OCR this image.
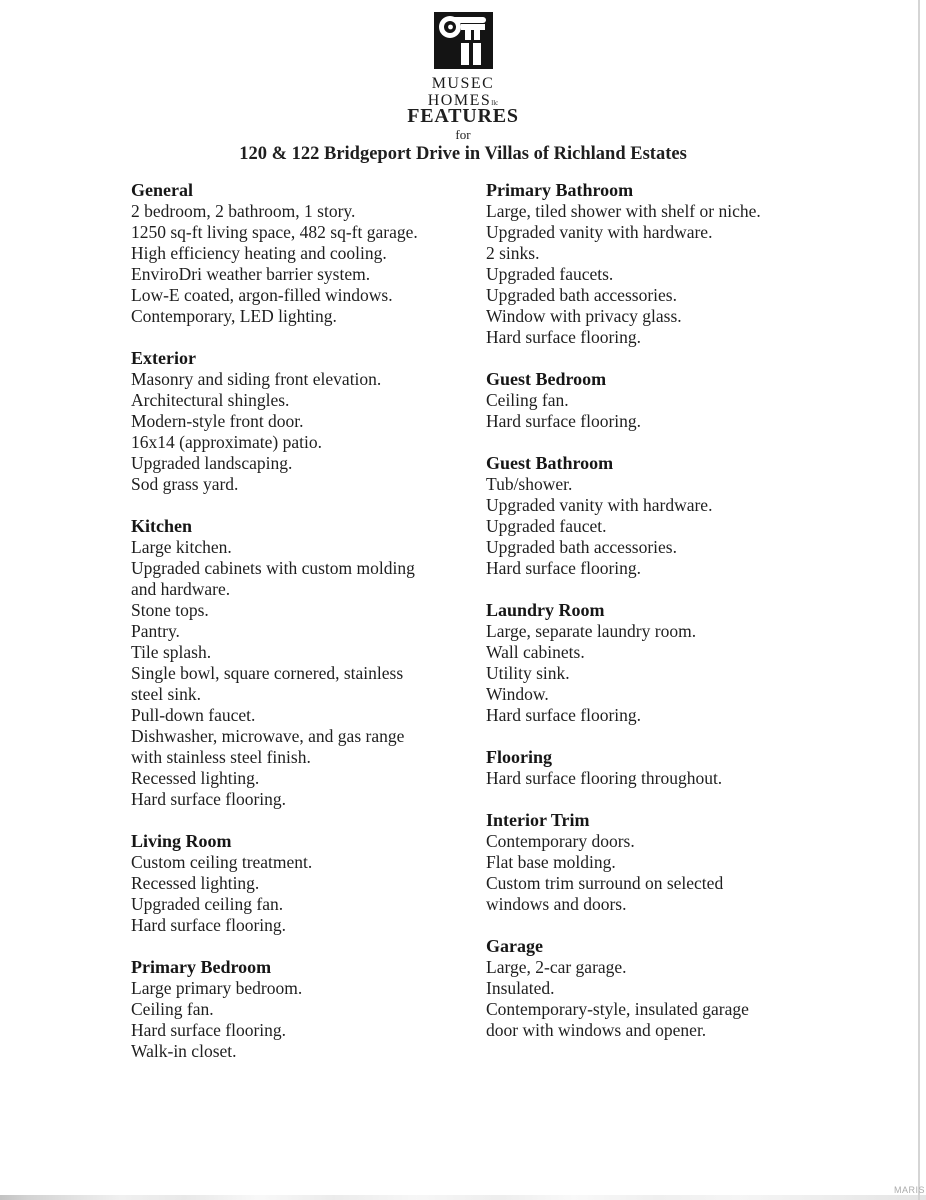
MUSEC
HOMESllc
FEATURES
for
120 & 122 Bridgeport Drive in Villas of Richland Estates
General
2 bedroom, 2 bathroom, 1 story.
1250 sq-ft living space, 482 sq-ft garage.
High efficiency heating and cooling.
EnviroDri weather barrier system.
Low-E coated, argon-filled windows.
Contemporary, LED lighting.
Exterior
Masonry and siding front elevation.
Architectural shingles.
Modern-style front door.
16x14 (approximate) patio.
Upgraded landscaping.
Sod grass yard.
Kitchen
Large kitchen.
Upgraded cabinets with custom molding and hardware.
Stone tops.
Pantry.
Tile splash.
Single bowl, square cornered, stainless steel sink.
Pull-down faucet.
Dishwasher, microwave, and gas range with stainless steel finish.
Recessed lighting.
Hard surface flooring.
Living Room
Custom ceiling treatment.
Recessed lighting.
Upgraded ceiling fan.
Hard surface flooring.
Primary Bedroom
Large primary bedroom.
Ceiling fan.
Hard surface flooring.
Walk-in closet.
Primary Bathroom
Large, tiled shower with shelf or niche.
Upgraded vanity with hardware.
2 sinks.
Upgraded faucets.
Upgraded bath accessories.
Window with privacy glass.
Hard surface flooring.
Guest Bedroom
Ceiling fan.
Hard surface flooring.
Guest Bathroom
Tub/shower.
Upgraded vanity with hardware.
Upgraded faucet.
Upgraded bath accessories.
Hard surface flooring.
Laundry Room
Large, separate laundry room.
Wall cabinets.
Utility sink.
Window.
Hard surface flooring.
Flooring
Hard surface flooring throughout.
Interior Trim
Contemporary doors.
Flat base molding.
Custom trim surround on selected windows and doors.
Garage
Large, 2-car garage.
Insulated.
Contemporary-style, insulated garage door with windows and opener.
MARIS
